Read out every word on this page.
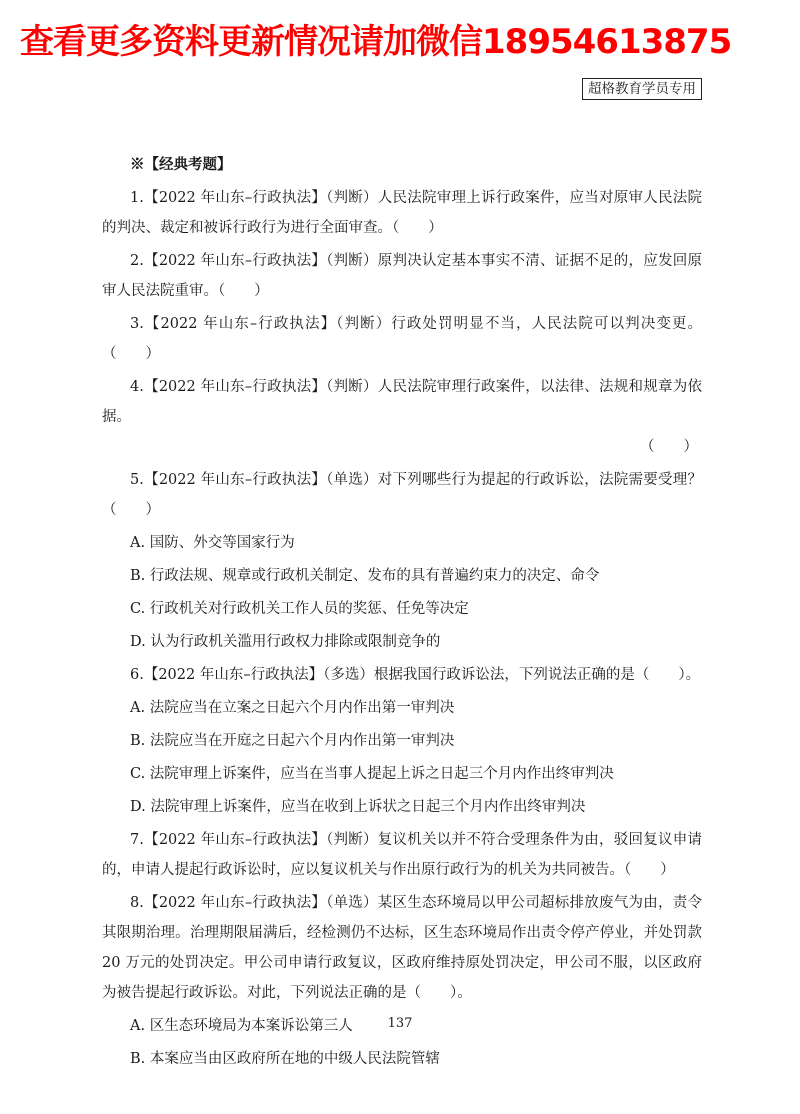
查看更多资料更新情况请加微信18954613875
超格教育学员专用

※【经典考题】

1.【2022 年山东–行政执法】（判断）人民法院审理上诉行政案件，应当对原审人民法院的判决、裁定和被诉行政行为进行全面审查。（　　）

2.【2022 年山东–行政执法】（判断）原判决认定基本事实不清、证据不足的，应发回原审人民法院重审。（　　）

3.【2022 年山东–行政执法】（判断）行政处罚明显不当，人民法院可以判决变更。（　　）

4.【2022 年山东–行政执法】（判断）人民法院审理行政案件，以法律、法规和规章为依据。

（　　）

5.【2022 年山东–行政执法】（单选）对下列哪些行为提起的行政诉讼，法院需要受理？（　　）

A. 国防、外交等国家行为

B. 行政法规、规章或行政机关制定、发布的具有普遍约束力的决定、命令

C. 行政机关对行政机关工作人员的奖惩、任免等决定

D. 认为行政机关滥用行政权力排除或限制竞争的

6.【2022 年山东–行政执法】（多选）根据我国行政诉讼法，下列说法正确的是（　　）。

A. 法院应当在立案之日起六个月内作出第一审判决

B. 法院应当在开庭之日起六个月内作出第一审判决

C. 法院审理上诉案件，应当在当事人提起上诉之日起三个月内作出终审判决

D. 法院审理上诉案件，应当在收到上诉状之日起三个月内作出终审判决

7.【2022 年山东–行政执法】（判断）复议机关以并不符合受理条件为由，驳回复议申请的，申请人提起行政诉讼时，应以复议机关与作出原行政行为的机关为共同被告。（　　）

8.【2022 年山东–行政执法】（单选）某区生态环境局以甲公司超标排放废气为由，责令其限期治理。治理期限届满后，经检测仍不达标，区生态环境局作出责令停产停业，并处罚款 20 万元的处罚决定。甲公司申请行政复议，区政府维持原处罚决定，甲公司不服，以区政府为被告提起行政诉讼。对此，下列说法正确的是（　　）。

A. 区生态环境局为本案诉讼第三人

B. 本案应当由区政府所在地的中级人民法院管辖

137
